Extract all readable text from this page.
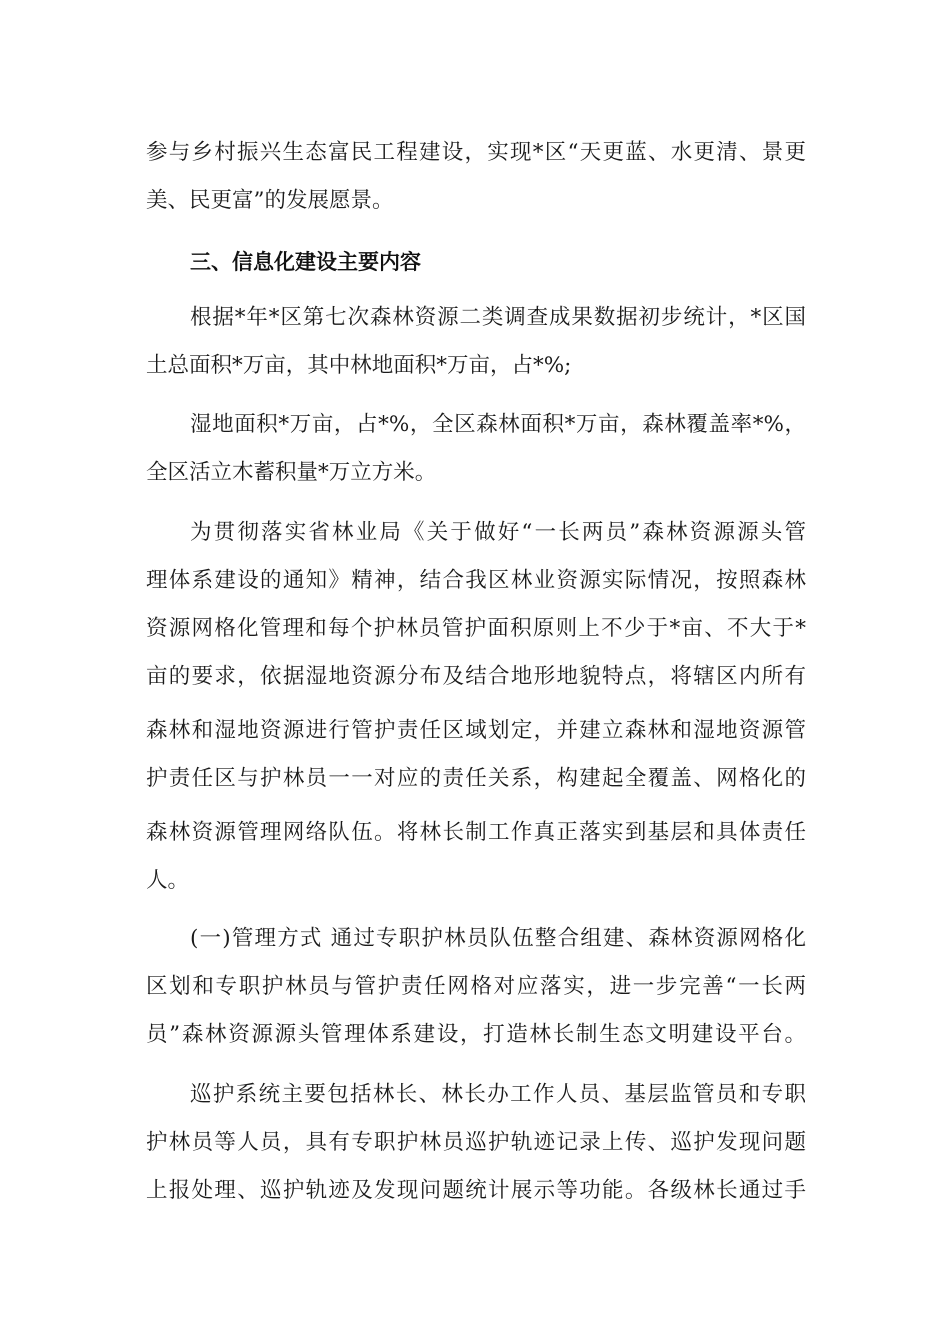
参与乡村振兴生态富民工程建设，实现*区“天更蓝、水更清、景更
美、民更富”的发展愿景。
三、信息化建设主要内容
根据*年*区第七次森林资源二类调查成果数据初步统计，*区国
土总面积*万亩，其中林地面积*万亩，占*%;
湿地面积*万亩，占*%，全区森林面积*万亩，森林覆盖率*%，
全区活立木蓄积量*万立方米。
为贯彻落实省林业局《关于做好“一长两员”森林资源源头管
理体系建设的通知》精神，结合我区林业资源实际情况，按照森林
资源网格化管理和每个护林员管护面积原则上不少于*亩、不大于*
亩的要求，依据湿地资源分布及结合地形地貌特点，将辖区内所有
森林和湿地资源进行管护责任区域划定，并建立森林和湿地资源管
护责任区与护林员一一对应的责任关系，构建起全覆盖、网格化的
森林资源管理网络队伍。将林长制工作真正落实到基层和具体责任
人。
(一)管理方式 通过专职护林员队伍整合组建、森林资源网格化
区划和专职护林员与管护责任网格对应落实，进一步完善“一长两
员”森林资源源头管理体系建设，打造林长制生态文明建设平台。
巡护系统主要包括林长、林长办工作人员、基层监管员和专职
护林员等人员，具有专职护林员巡护轨迹记录上传、巡护发现问题
上报处理、巡护轨迹及发现问题统计展示等功能。各级林长通过手
